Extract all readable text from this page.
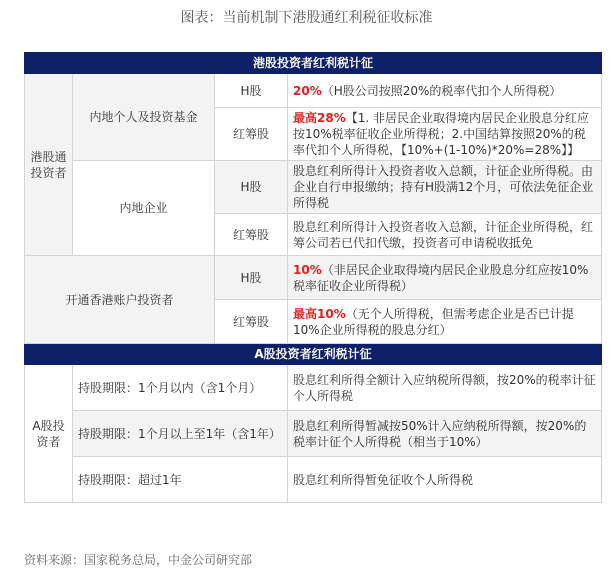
图表：当前机制下港股通红利税征收标准
港股投资者红利税计征			
港股通投资者	内地个人及投资基金	H股	20%（H股公司按照20%的税率代扣个人所得税）
		红筹股	最高28%【1. 非居民企业取得境内居民企业股息分红应按10%税率征收企业所得税；2.中国结算按照20%的税率代扣个人所得税，【10%+(1-10%)*20%=28%】】
	内地企业	H股	股息红利所得计入投资者收入总额，计征企业所得税。由企业自行申报缴纳；持有H股满12个月，可依法免征企业所得税
		红筹股	股息红利所得计入投资者收入总额，计征企业所得税，红筹公司若已代扣代缴，投资者可申请税收抵免
开通香港账户投资者		H股	10%（非居民企业取得境内居民企业股息分红应按10%税率征收企业所得税）
		红筹股	最高10%（无个人所得税，但需考虑企业是否已计提10%企业所得税的股息分红）
A股投资者红利税计征			
A股投资者	持股期限：1个月以内（含1个月）		股息红利所得全额计入应纳税所得额，按20%的税率计征个人所得税
	持股期限：1个月以上至1年（含1年）		股息红利所得暂减按50%计入应纳税所得额，按20%的税率计征个人所得税（相当于10%）
	持股期限：超过1年		股息红利所得暂免征收个人所得税
资料来源：国家税务总局，中金公司研究部
